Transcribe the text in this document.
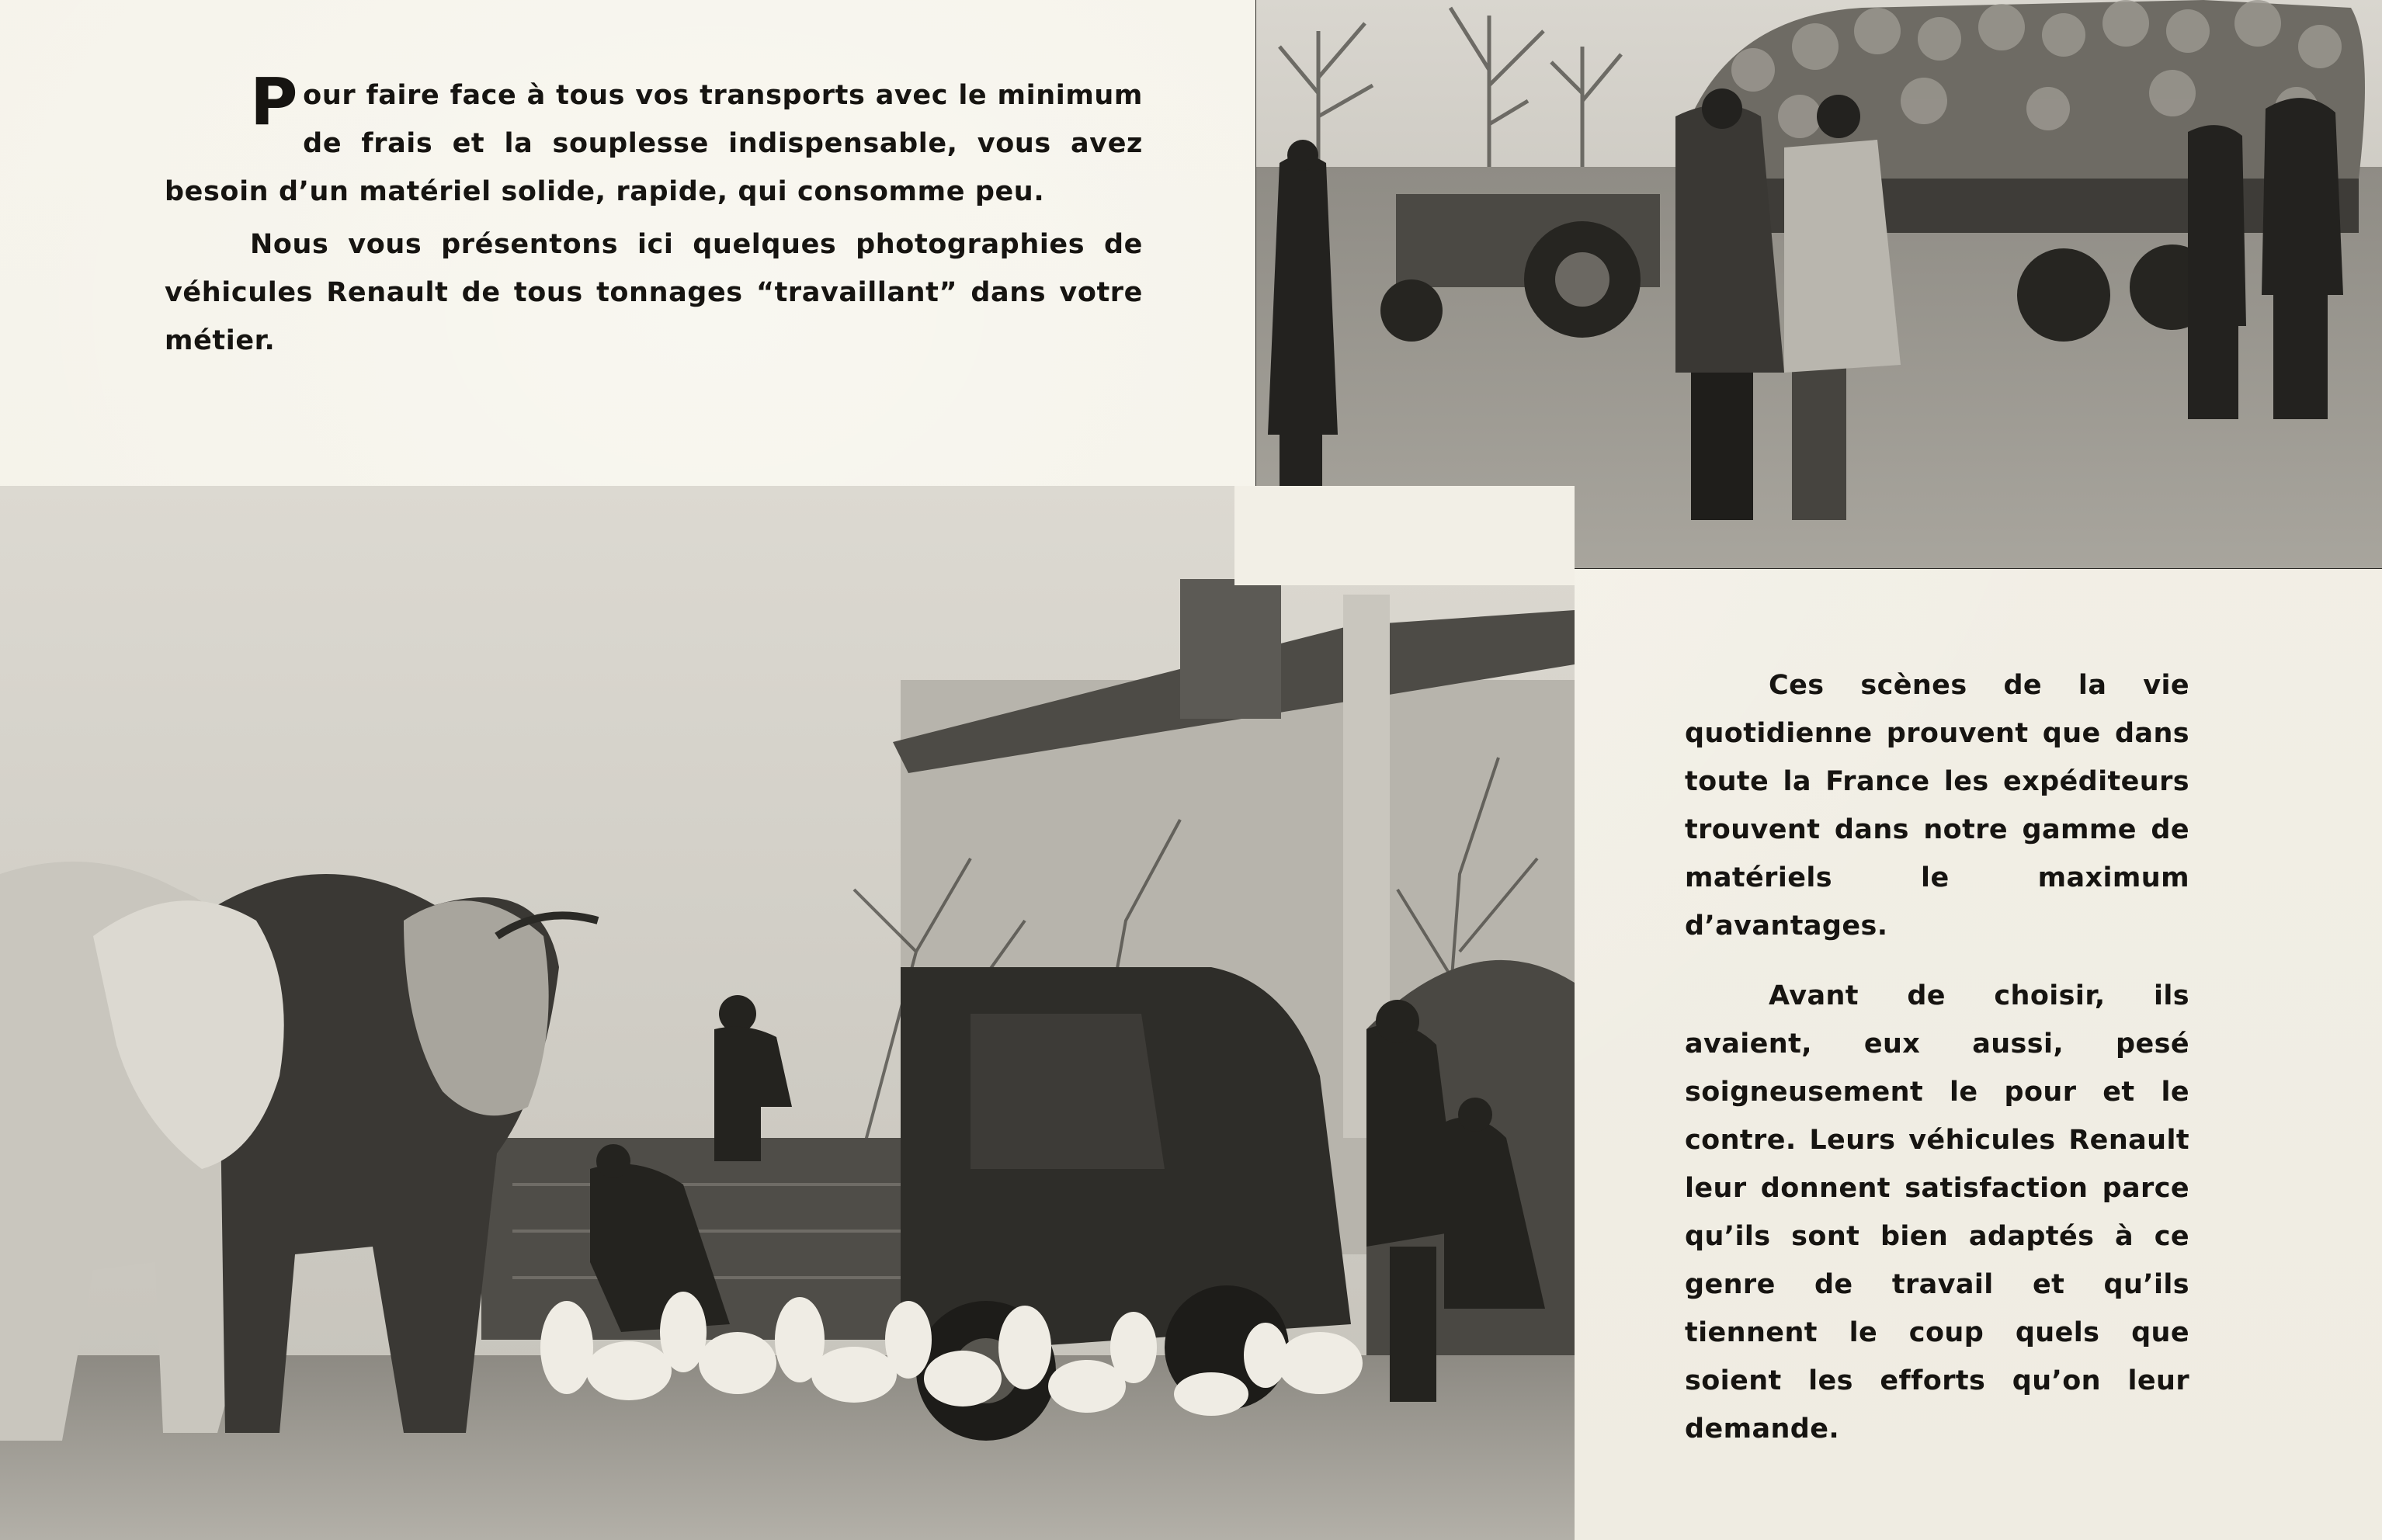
P our faire face à tous vos transports avec le minimum de frais et la souplesse indispensable, vous avez besoin d’un matériel solide, rapide, qui consomme peu.

Nous vous présentons ici quelques photographies de véhicules Renault de tous tonnages “travaillant” dans votre métier.

Ces scènes de la vie quotidienne prouvent que dans toute la France les expéditeurs trouvent dans notre gamme de matériels le maximum d’avantages.

Avant de choisir, ils avaient, eux aussi, pesé soigneusement le pour et le contre. Leurs véhicules Renault leur donnent satisfaction parce qu’ils sont bien adaptés à ce genre de travail et qu’ils tiennent le coup quels que soient les efforts qu’on leur demande.
